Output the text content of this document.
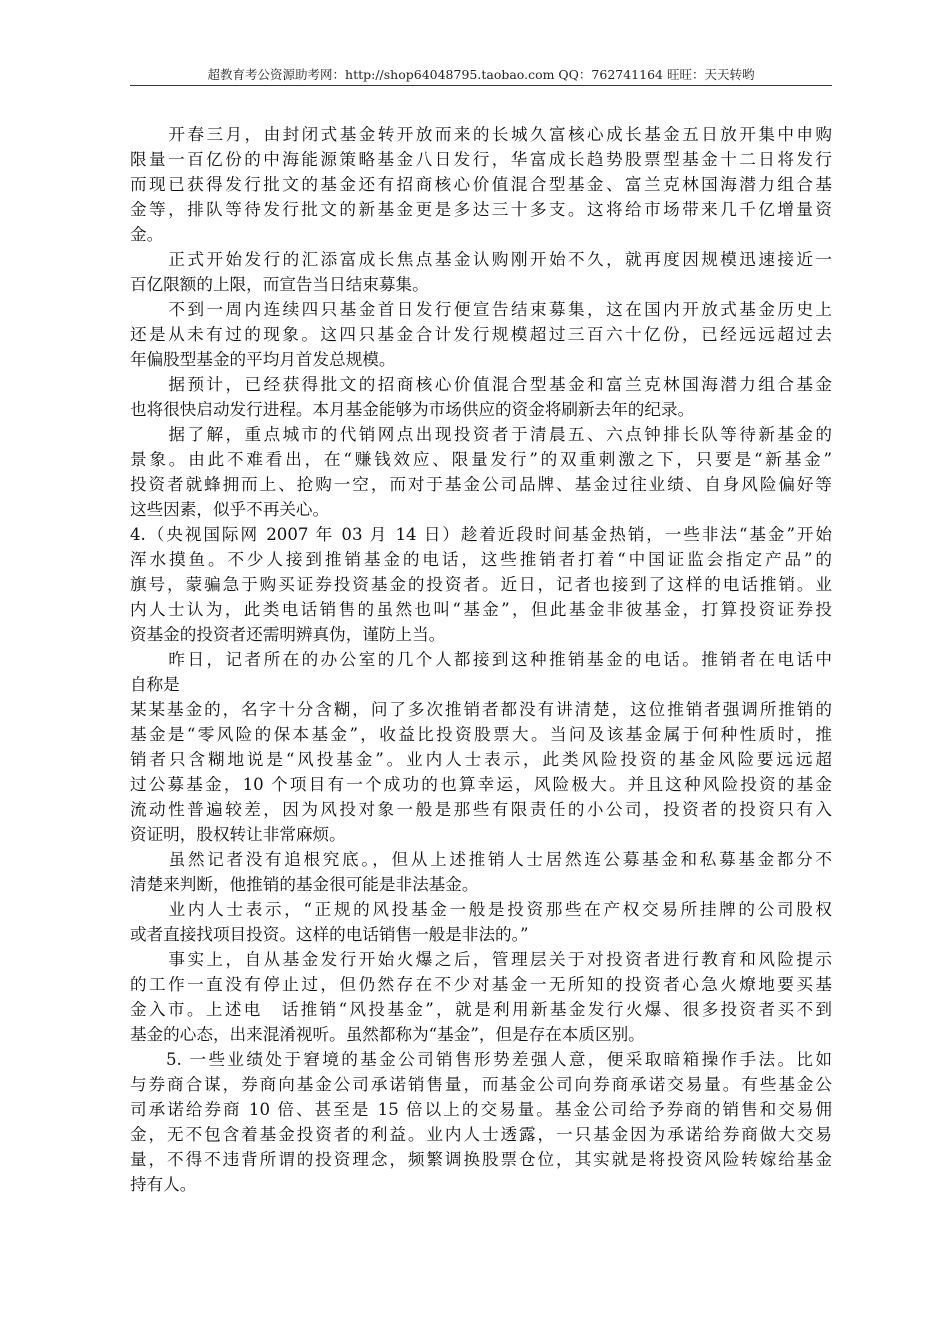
超教育考公资源助考网：http://shop64048795.taobao.com QQ：762741164 旺旺：天天转哟
开春三月，由封闭式基金转开放而来的长城久富核心成长基金五日放开集中申购
限量一百亿份的中海能源策略基金八日发行，华富成长趋势股票型基金十二日将发行
而现已获得发行批文的基金还有招商核心价值混合型基金、富兰克林国海潜力组合基
金等，排队等待发行批文的新基金更是多达三十多支。这将给市场带来几千亿增量资
金。
正式开始发行的汇添富成长焦点基金认购刚开始不久，就再度因规模迅速接近一
百亿限额的上限，而宣告当日结束募集。
不到一周内连续四只基金首日发行便宣告结束募集，这在国内开放式基金历史上
还是从未有过的现象。这四只基金合计发行规模超过三百六十亿份，已经远远超过去
年偏股型基金的平均月首发总规模。
据预计，已经获得批文的招商核心价值混合型基金和富兰克林国海潜力组合基金
也将很快启动发行进程。本月基金能够为市场供应的资金将刷新去年的纪录。
据了解，重点城市的代销网点出现投资者于清晨五、六点钟排长队等待新基金的
景象。由此不难看出，在“赚钱效应、限量发行”的双重刺激之下，只要是“新基金”
投资者就蜂拥而上、抢购一空，而对于基金公司品牌、基金过往业绩、自身风险偏好等
这些因素，似乎不再关心。
4.（央视国际网 2007 年 03 月 14 日）趁着近段时间基金热销，一些非法“基金”开始
浑水摸鱼。不少人接到推销基金的电话，这些推销者打着“中国证监会指定产品”的
旗号，蒙骗急于购买证券投资基金的投资者。近日，记者也接到了这样的电话推销。业
内人士认为，此类电话销售的虽然也叫“基金”，但此基金非彼基金，打算投资证券投
资基金的投资者还需明辨真伪，谨防上当。
昨日，记者所在的办公室的几个人都接到这种推销基金的电话。推销者在电话中
自称是
某某基金的，名字十分含糊，问了多次推销者都没有讲清楚，这位推销者强调所推销的
基金是“零风险的保本基金”，收益比投资股票大。当问及该基金属于何种性质时，推
销者只含糊地说是“风投基金”。业内人士表示，此类风险投资的基金风险要远远超
过公募基金，10 个项目有一个成功的也算幸运，风险极大。并且这种风险投资的基金
流动性普遍较差，因为风投对象一般是那些有限责任的小公司，投资者的投资只有入
资证明，股权转让非常麻烦。
虽然记者没有追根究底。，但从上述推销人士居然连公募基金和私募基金都分不
清楚来判断，他推销的基金很可能是非法基金。
业内人士表示，“正规的风投基金一般是投资那些在产权交易所挂牌的公司股权
或者直接找项目投资。这样的电话销售一般是非法的。”
事实上，自从基金发行开始火爆之后，管理层关于对投资者进行教育和风险提示
的工作一直没有停止过，但仍然存在不少对基金一无所知的投资者心急火燎地要买基
金入市。上述电　话推销“风投基金”，就是利用新基金发行火爆、很多投资者买不到
基金的心态，出来混淆视听。虽然都称为“基金”，但是存在本质区别。
5. 一些业绩处于窘境的基金公司销售形势差强人意，便采取暗箱操作手法。比如
与券商合谋，券商向基金公司承诺销售量，而基金公司向券商承诺交易量。有些基金公
司承诺给券商 10 倍、甚至是 15 倍以上的交易量。基金公司给予券商的销售和交易佣
金，无不包含着基金投资者的利益。业内人士透露，一只基金因为承诺给券商做大交易
量，不得不违背所谓的投资理念，频繁调换股票仓位，其实就是将投资风险转嫁给基金
持有人。
